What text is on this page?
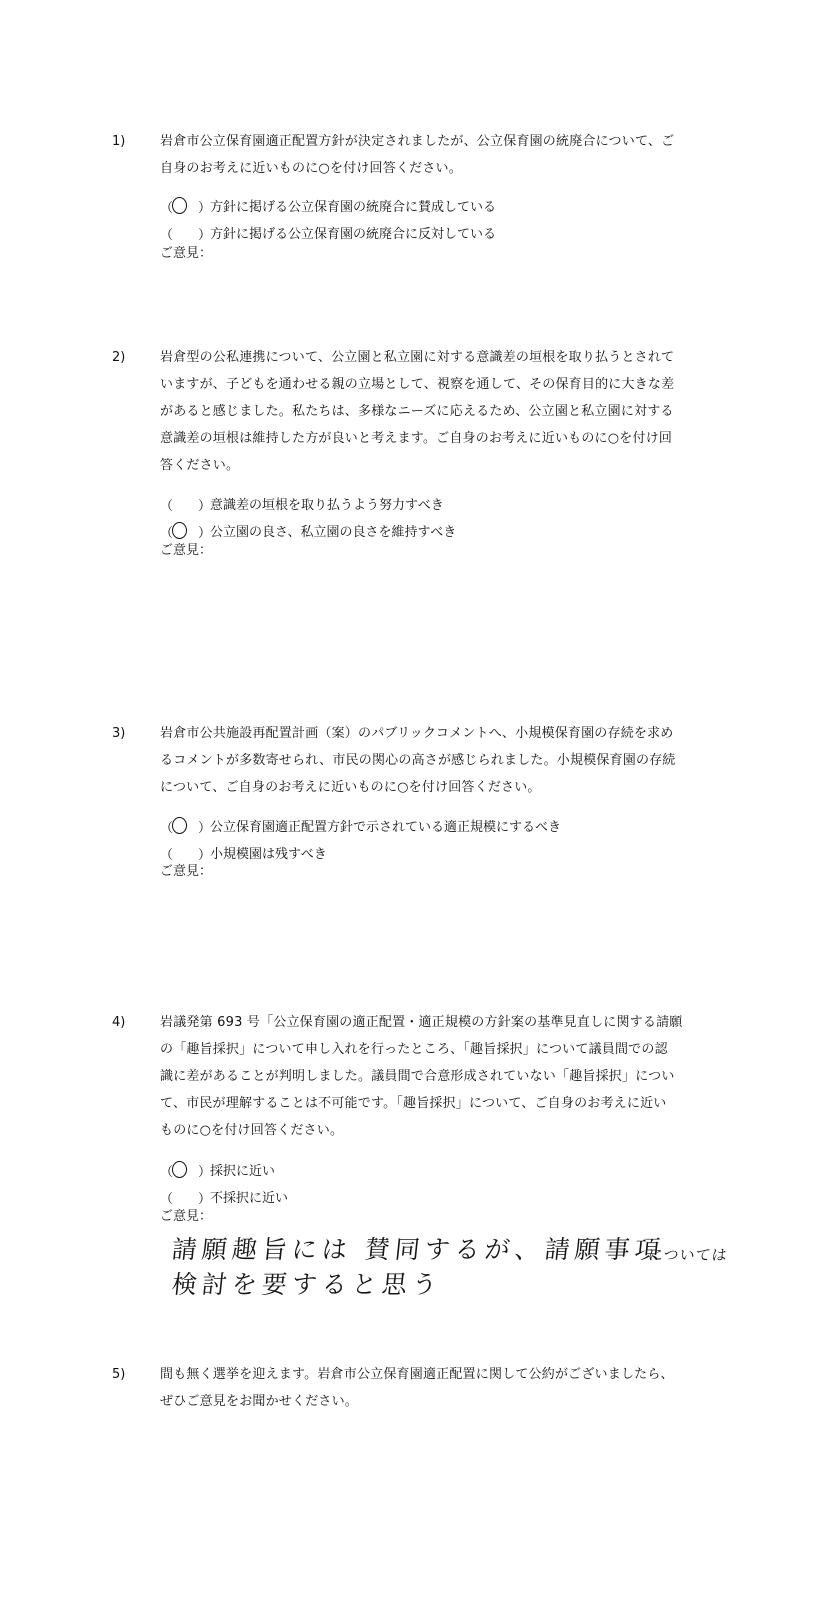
1)	岩倉市公立保育園適正配置方針が決定されましたが、公立保育園の統廃合について、ご
自身のお考えに近いものに○を付け回答ください。
（ ）
方針に掲げる公立保育園の統廃合に賛成している
（ ）
方針に掲げる公立保育園の統廃合に反対している
ご意見：
2)	岩倉型の公私連携について、公立園と私立園に対する意識差の垣根を取り払うとされて
いますが、子どもを通わせる親の立場として、視察を通して、その保育目的に大きな差
があると感じました。私たちは、多様なニーズに応えるため、公立園と私立園に対する
意識差の垣根は維持した方が良いと考えます。ご自身のお考えに近いものに○を付け回
答ください。
（ ）
意識差の垣根を取り払うよう努力すべき
（ ）
公立園の良さ、私立園の良さを維持すべき
ご意見：
3)	岩倉市公共施設再配置計画（案）のパブリックコメントへ、小規模保育園の存続を求め
るコメントが多数寄せられ、市民の関心の高さが感じられました。小規模保育園の存続
について、ご自身のお考えに近いものに○を付け回答ください。
（ ）
公立保育園適正配置方針で示されている適正規模にするべき
（ ）
小規模園は残すべき
ご意見：
4)	岩議発第 693 号「公立保育園の適正配置・適正規模の方針案の基準見直しに関する請願
の「趣旨採択」について申し入れを行ったところ、「趣旨採択」について議員間での認
識に差があることが判明しました。議員間で合意形成されていない「趣旨採択」につい
て、市民が理解することは不可能です。「趣旨採択」について、ご自身のお考えに近い
ものに○を付け回答ください。
（ ）
採択に近い
（ ）
不採択に近い
ご意見：
請願趣旨には 賛同するが、請願事項
については
検討を要すると思う
5)	間も無く選挙を迎えます。岩倉市公立保育園適正配置に関して公約がございましたら、
ぜひご意見をお聞かせください。
